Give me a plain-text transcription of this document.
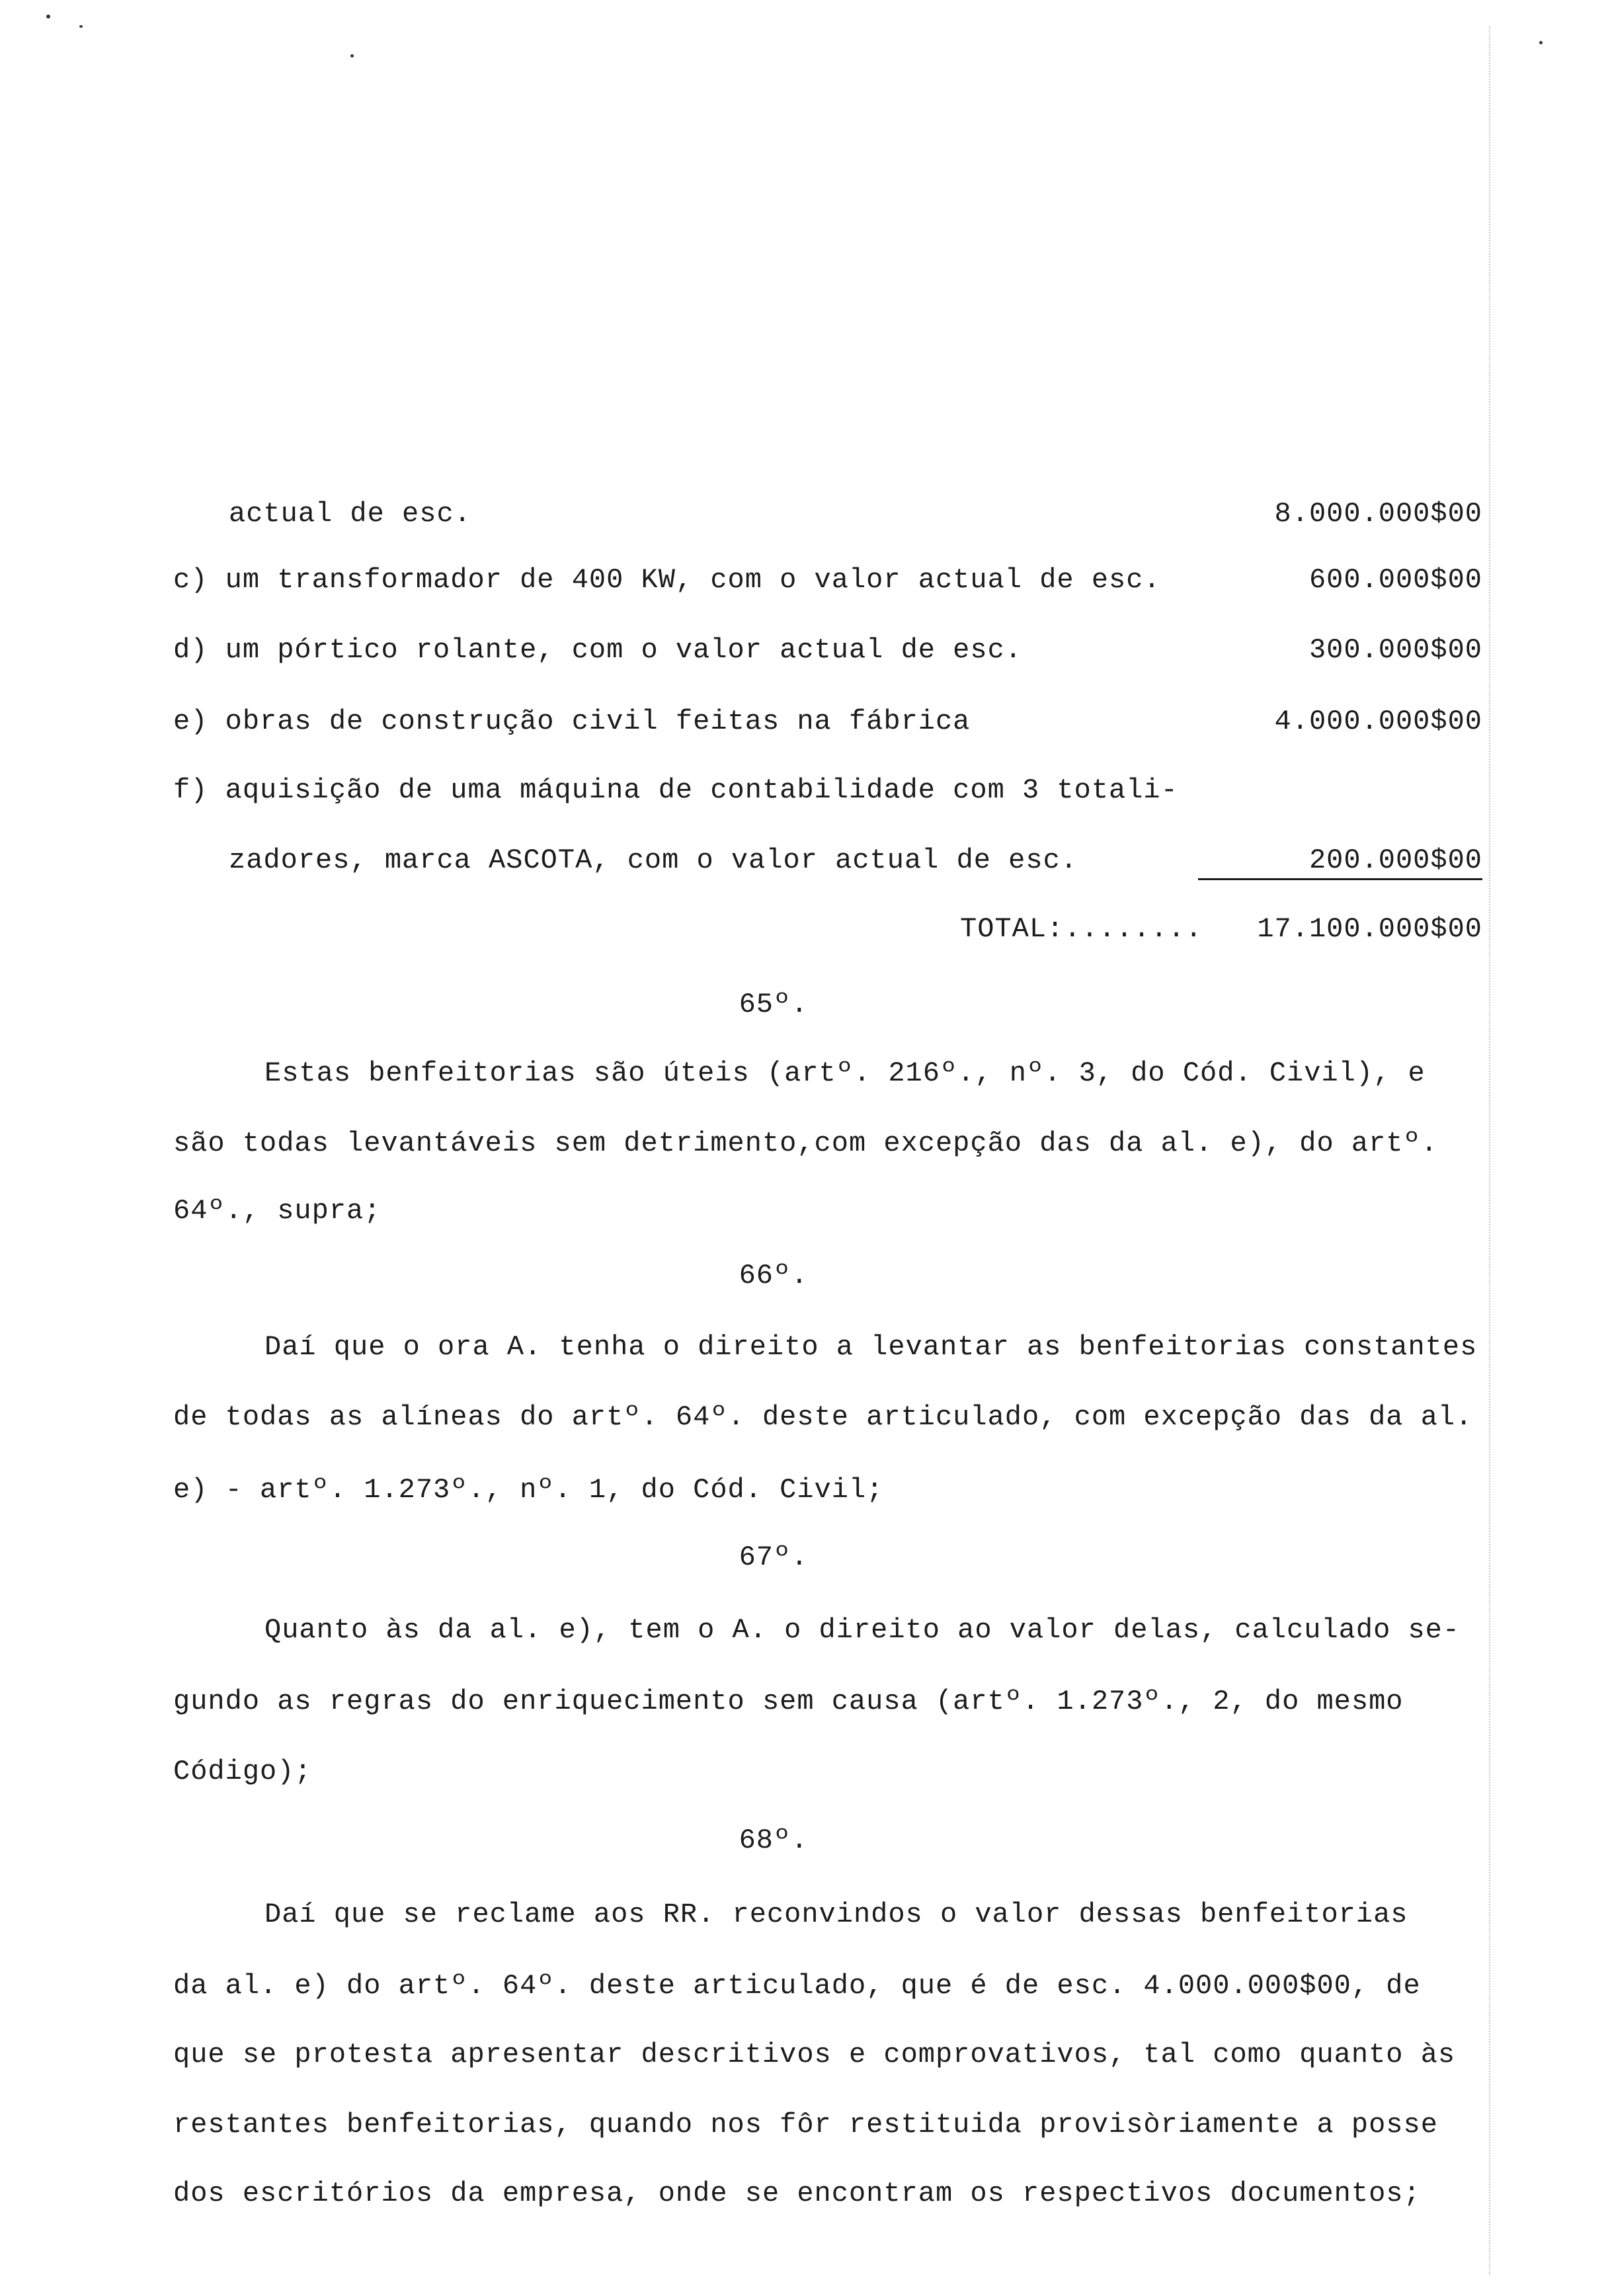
actual de esc.	8.000.000$00
c) um transformador de 400 KW, com o valor actual de esc.	600.000$00
d) um pórtico rolante, com o valor actual de esc.	300.000$00
e) obras de construção civil feitas na fábrica	4.000.000$00
f) aquisição de uma máquina de contabilidade com 3 totali-
zadores, marca ASCOTA, com o valor actual de esc.	200.000$00
TOTAL:........ 17.100.000$00
65º.
Estas benfeitorias são úteis (artº. 216º., nº. 3, do Cód. Civil), e
são todas levantáveis sem detrimento,com excepção das da al. e), do artº.
64º., supra;
66º.
Daí que o ora A. tenha o direito a levantar as benfeitorias constantes
de todas as alíneas do artº. 64º. deste articulado, com excepção das da al.
e) - artº. 1.273º., nº. 1, do Cód. Civil;
67º.
Quanto às da al. e), tem o A. o direito ao valor delas, calculado se-
gundo as regras do enriquecimento sem causa (artº. 1.273º., 2, do mesmo
Código);
68º.
Daí que se reclame aos RR. reconvindos o valor dessas benfeitorias
da al. e) do artº. 64º. deste articulado, que é de esc. 4.000.000$00, de
que se protesta apresentar descritivos e comprovativos, tal como quanto às
restantes benfeitorias, quando nos fôr restituida provisòriamente a posse
dos escritórios da empresa, onde se encontram os respectivos documentos;
